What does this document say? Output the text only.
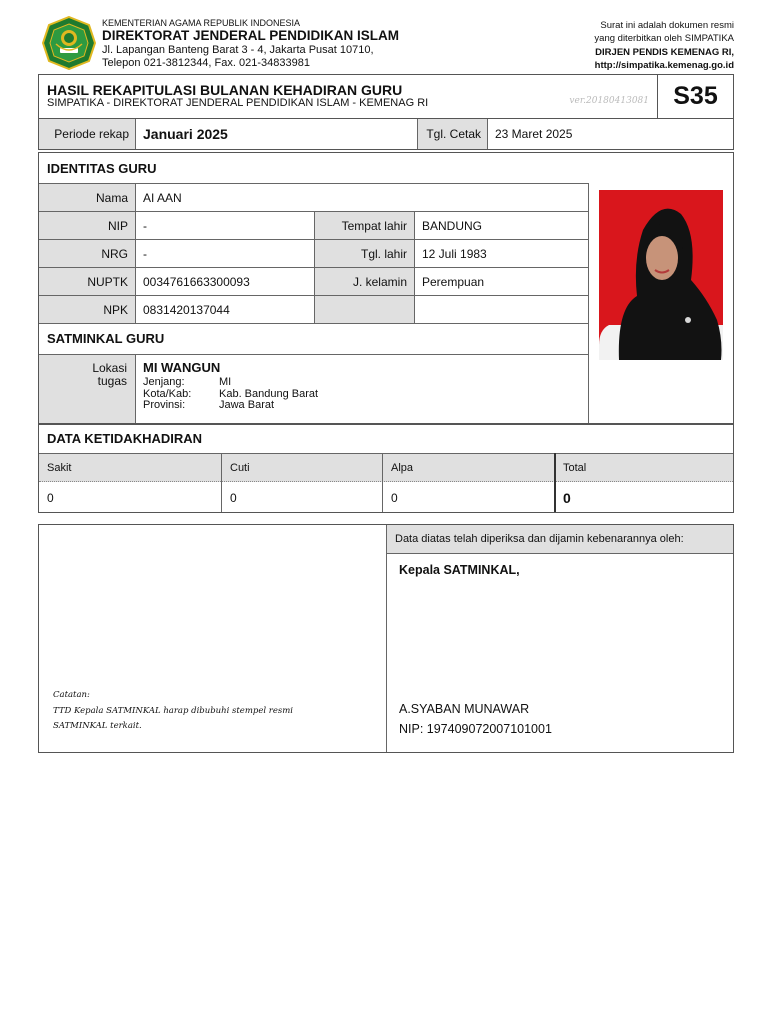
KEMENTERIAN AGAMA REPUBLIK INDONESIA
DIREKTORAT JENDERAL PENDIDIKAN ISLAM
Jl. Lapangan Banteng Barat 3 - 4, Jakarta Pusat 10710,
Telepon 021-3812344, Fax. 021-34833981
Surat ini adalah dokumen resmi
yang diterbitkan oleh SIMPATIKA
DIRJEN PENDIS KEMENAG RI,
http://simpatika.kemenag.go.id
HASIL REKAPITULASI BULANAN KEHADIRAN GURU
SIMPATIKA - DIREKTORAT JENDERAL PENDIDIKAN ISLAM - KEMENAG RI	ver.20180413081 S35
Periode rekap	Januari 2025	Tgl. Cetak	23 Maret 2025
IDENTITAS GURU
Nama	AI AAN
NIP	-	Tempat lahir	BANDUNG
NRG	-	Tgl. lahir	12 Juli 1983
NUPTK	0034761663300093	J. kelamin	Perempuan
NPK	0831420137044
SATMINKAL GURU
Lokasi
tugas
MI WANGUN
Jenjang:	MI
Kota/Kab:	Kab. Bandung Barat
Provinsi:	Jawa Barat
DATA KETIDAKHADIRAN
Sakit	Cuti	Alpa	Total
0	0	0	0
Catatan:
TTD Kepala SATMINKAL harap dibubuhi stempel resmi
SATMINKAL terkait.
Data diatas telah diperiksa dan dijamin kebenarannya oleh:
Kepala SATMINKAL,
A.SYABAN MUNAWAR
NIP: 197409072007101001
